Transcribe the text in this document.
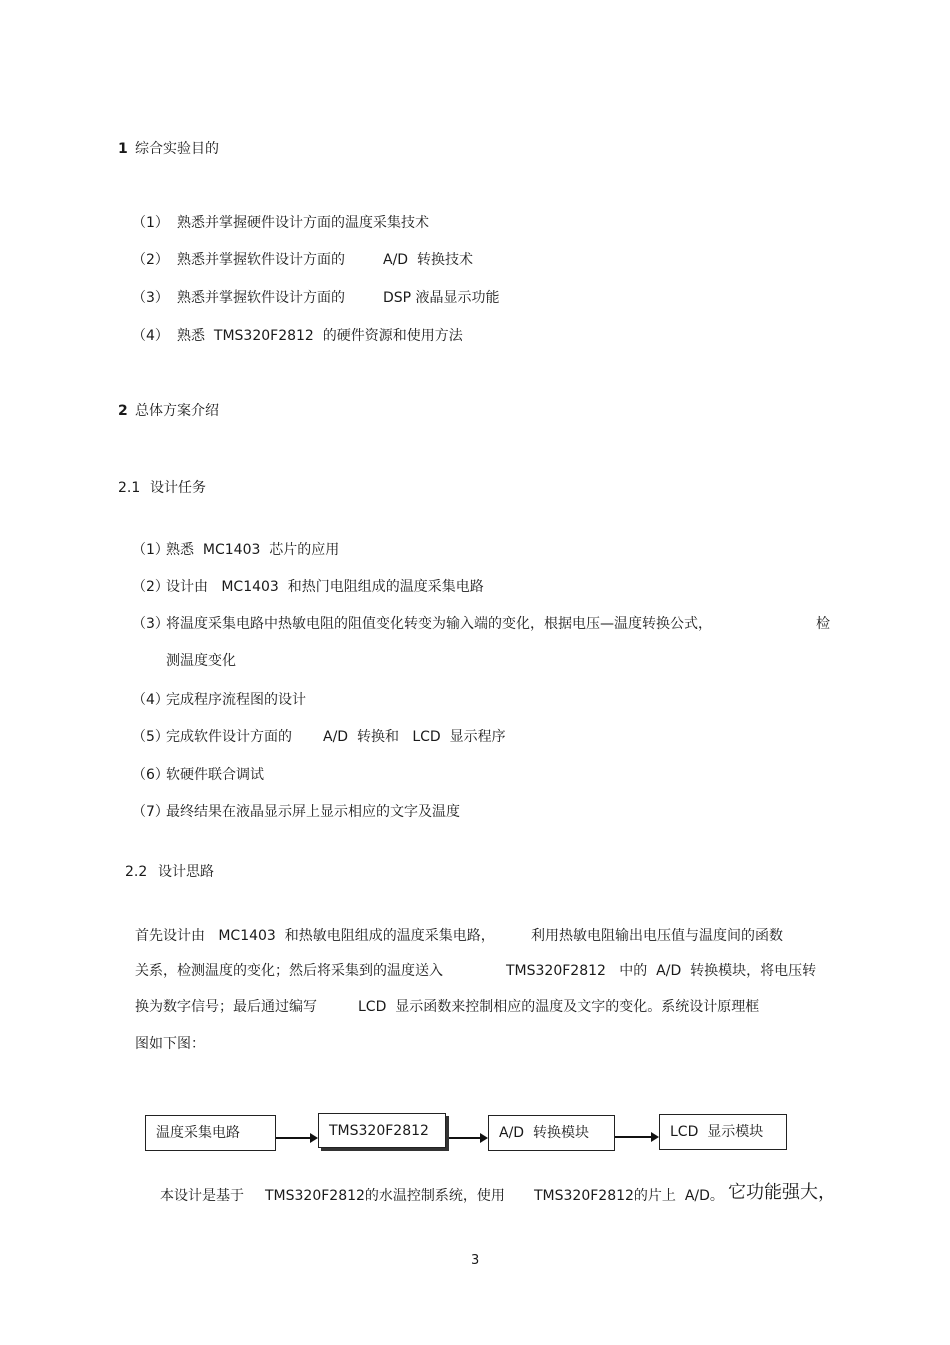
1 综合实验目的
（1） 熟悉并掌握硬件设计方面的温度采集技术
（2） 熟悉并掌握软件设计方面的	A/D  转换技术
（3） 熟悉并掌握软件设计方面的	DSP 液晶显示功能
（4） 熟悉  TMS320F2812  的硬件资源和使用方法
2 总体方案介绍
2.1 设计任务
（1）
熟悉  MC1403  芯片的应用
（2）
设计由   MC1403  和热门电阻组成的温度采集电路
（3）
将温度采集电路中热敏电阻的阻值变化转变为输入端的变化，根据电压—温度转换公式，	检
测温度变化
（4）
完成程序流程图的设计
（5）
完成软件设计方面的 A/D  转换和   LCD  显示程序
（6）
软硬件联合调试
（7）
最终结果在液晶显示屏上显示相应的文字及温度
2.2 设计思路
首先设计由   MC1403  和热敏电阻组成的温度采集电路，	利用热敏电阻输出电压值与温度间的函数
关系，检测温度的变化；然后将采集到的温度送入	TMS320F2812   中的  A/D  转换模块，将电压转
换为数字信号；最后通过编写	LCD  显示函数来控制相应的温度及文字的变化。系统设计原理框
图如下图：
温度采集电路	TMS320F2812	A/D  转换模块	LCD  显示模块
本设计是基于 TMS320F2812的水温控制系统，使用 TMS320F2812的片上  A/D。 它功能强大，
3
